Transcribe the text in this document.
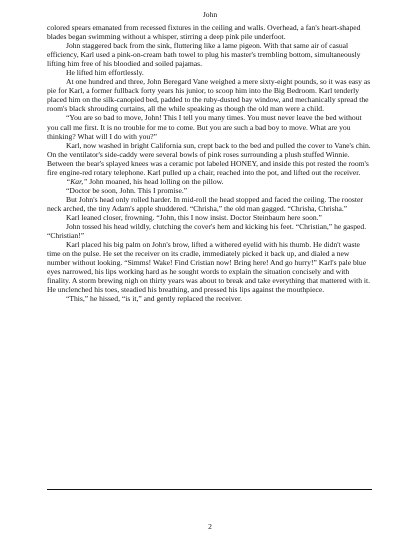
John

colored spears emanated from recessed fixtures in the ceiling and walls. Overhead, a fan's heart-shaped blades began swimming without a whisper, stirring a deep pink pile underfoot.

John staggered back from the sink, fluttering like a lame pigeon. With that same air of casual efficiency, Karl used a pink-on-cream bath towel to plug his master's trembling bottom, simultaneously lifting him free of his bloodied and soiled pajamas.

He lifted him effortlessly.

At one hundred and three, John Beregard Vane weighed a mere sixty-eight pounds, so it was easy as pie for Karl, a former fullback forty years his junior, to scoop him into the Big Bedroom. Karl tenderly placed him on the silk-canopied bed, padded to the ruby-dusted bay window, and mechanically spread the room's black shrouding curtains, all the while speaking as though the old man were a child.

“You are so bad to move, John! This I tell you many times. You must never leave the bed without you call me first. It is no trouble for me to come. But you are such a bad boy to move. What are you thinking? What will I do with you?”

Karl, now washed in bright California sun, crept back to the bed and pulled the cover to Vane's chin. On the ventilator's side-caddy were several bowls of pink roses surrounding a plush stuffed Winnie. Between the bear's splayed knees was a ceramic pot labeled HONEY, and inside this pot rested the room's fire engine-red rotary telephone. Karl pulled up a chair, reached into the pot, and lifted out the receiver.

“Kar,” John moaned, his head lolling on the pillow.

“Doctor be soon, John. This I promise.”

But John's head only rolled harder. In mid-roll the head stopped and faced the ceiling. The rooster neck arched, the tiny Adam's apple shuddered. “Chrisha,” the old man gagged. “Chrisha, Chrisha.”

Karl leaned closer, frowning. “John, this I now insist. Doctor Steinbaum here soon.”

John tossed his head wildly, clutching the cover's hem and kicking his feet. “Christian,” he gasped. “Christian!”

Karl placed his big palm on John's brow, lifted a withered eyelid with his thumb. He didn't waste time on the pulse. He set the receiver on its cradle, immediately picked it back up, and dialed a new number without looking. “Simms! Wake! Find Cristian now! Bring here! And go hurry!” Karl's pale blue eyes narrowed, his lips working hard as he sought words to explain the situation concisely and with finality. A storm brewing nigh on thirty years was about to break and take everything that mattered with it. He unclenched his toes, steadied his breathing, and pressed his lips against the mouthpiece.

“This,” he hissed, “is it,” and gently replaced the receiver.

2
